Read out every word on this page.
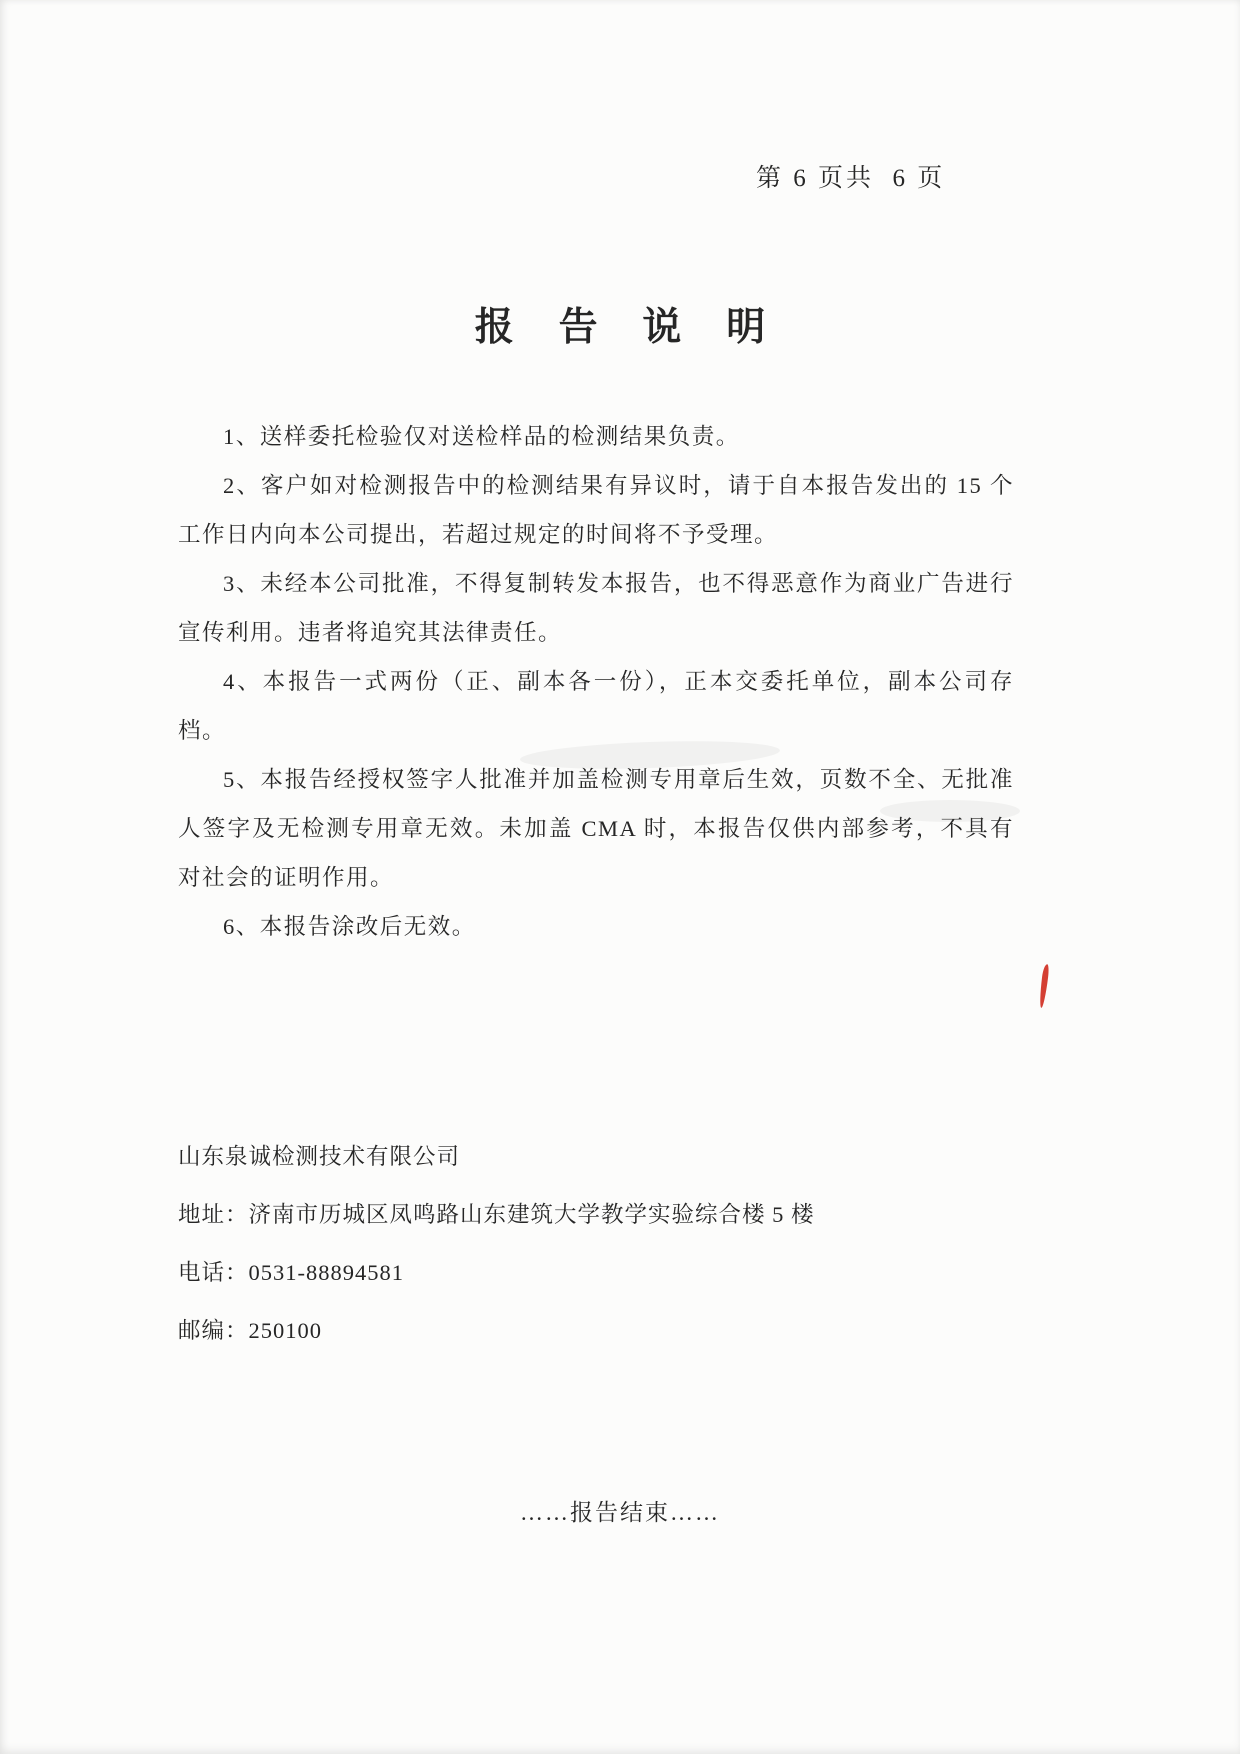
第 6 页共  6 页
报 告 说 明

1、送样委托检验仅对送检样品的检测结果负责。

2、客户如对检测报告中的检测结果有异议时，请于自本报告发出的 15 个工作日内向本公司提出，若超过规定的时间将不予受理。

3、未经本公司批准，不得复制转发本报告，也不得恶意作为商业广告进行宣传利用。违者将追究其法律责任。

4、本报告一式两份（正、副本各一份），正本交委托单位，副本公司存档。

5、本报告经授权签字人批准并加盖检测专用章后生效，页数不全、无批准人签字及无检测专用章无效。未加盖 CMA 时，本报告仅供内部参考，不具有对社会的证明作用。

6、本报告涂改后无效。

山东泉诚检测技术有限公司

地址：济南市历城区凤鸣路山东建筑大学教学实验综合楼 5 楼

电话：0531-88894581

邮编：250100

……报告结束……
